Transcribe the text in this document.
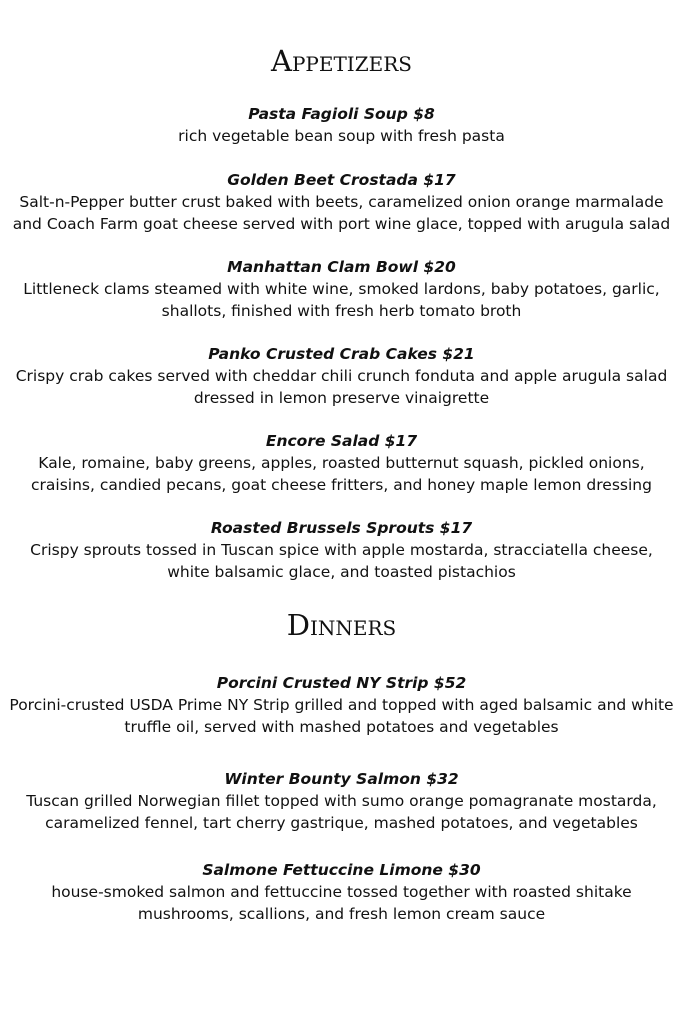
Appetizers

Pasta Fagioli Soup $8

rich vegetable bean soup with fresh pasta

Golden Beet Crostada $17

Salt-n-Pepper butter crust baked with beets, caramelized onion orange marmalade and Coach Farm goat cheese served with port wine glace, topped with arugula salad

Manhattan Clam Bowl $20

Littleneck clams steamed with white wine, smoked lardons, baby potatoes, garlic, shallots, finished with fresh herb tomato broth

Panko Crusted Crab Cakes $21

Crispy crab cakes served with cheddar chili crunch fonduta and apple arugula salad dressed in lemon preserve vinaigrette

Encore Salad $17

Kale, romaine, baby greens, apples, roasted butternut squash, pickled onions, craisins, candied pecans, goat cheese fritters, and honey maple lemon dressing

Roasted Brussels Sprouts $17

Crispy sprouts tossed in Tuscan spice with apple mostarda, stracciatella cheese, white balsamic glace, and toasted pistachios

Dinners

Porcini Crusted NY Strip $52

Porcini-crusted USDA Prime NY Strip grilled and topped with aged balsamic and white truffle oil, served with mashed potatoes and vegetables

Winter Bounty Salmon $32

Tuscan grilled Norwegian fillet topped with sumo orange pomagranate mostarda, caramelized fennel, tart cherry gastrique, mashed potatoes, and vegetables

Salmone Fettuccine Limone $30

house-smoked salmon and fettuccine tossed together with roasted shitake mushrooms, scallions, and fresh lemon cream sauce
